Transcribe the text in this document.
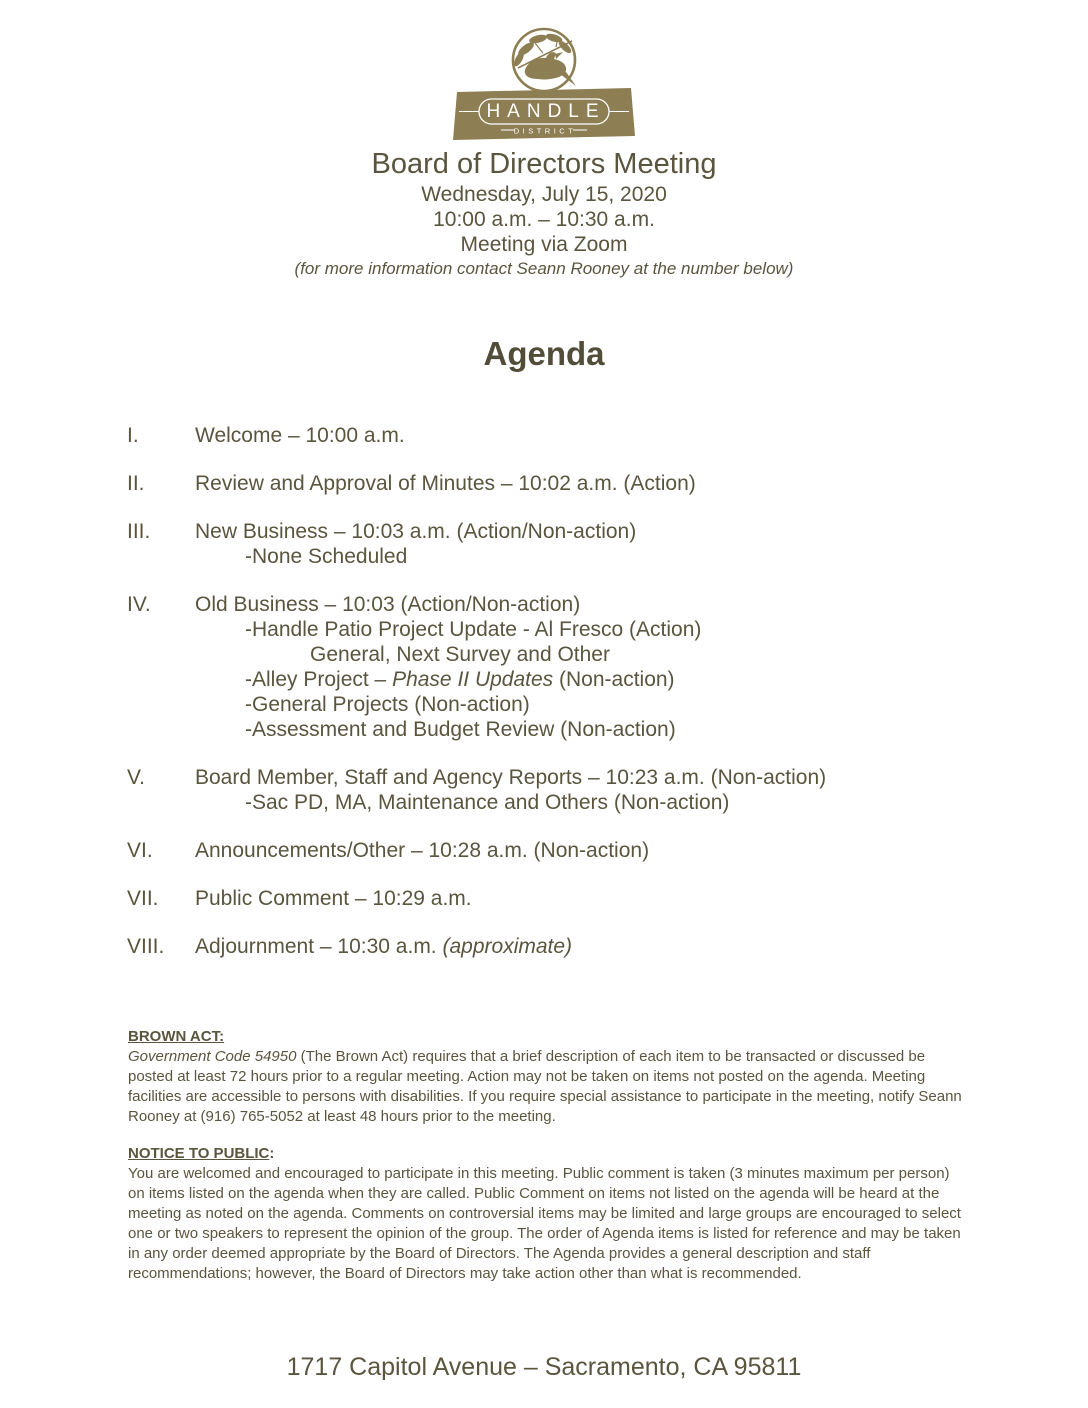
HANDLE
DISTRICT
Board of Directors Meeting
Wednesday, July 15, 2020
10:00 a.m. – 10:30 a.m.
Meeting via Zoom
(for more information contact Seann Rooney at the number below)
Agenda
I.	Welcome – 10:00 a.m.
II.	Review and Approval of Minutes – 10:02 a.m. (Action)
III.	New Business – 10:03 a.m. (Action/Non-action)
-None Scheduled
IV.	Old Business – 10:03 (Action/Non-action)
-Handle Patio Project Update - Al Fresco (Action)
General, Next Survey and Other
-Alley Project – Phase II Updates (Non-action)
-General Projects (Non-action)
-Assessment and Budget Review (Non-action)
V.	Board Member, Staff and Agency Reports – 10:23 a.m. (Non-action)
-Sac PD, MA, Maintenance and Others (Non-action)
VI.	Announcements/Other – 10:28 a.m. (Non-action)
VII.	Public Comment – 10:29 a.m.
VIII.	Adjournment – 10:30 a.m. (approximate)
BROWN ACT:

Government Code 54950 (The Brown Act) requires that a brief description of each item to be transacted or discussed be posted at least 72 hours prior to a regular meeting. Action may not be taken on items not posted on the agenda. Meeting facilities are accessible to persons with disabilities. If you require special assistance to participate in the meeting, notify Seann Rooney at (916) 765-5052 at least 48 hours prior to the meeting.

NOTICE TO PUBLIC:

You are welcomed and encouraged to participate in this meeting. Public comment is taken (3 minutes maximum per person) on items listed on the agenda when they are called. Public Comment on items not listed on the agenda will be heard at the meeting as noted on the agenda. Comments on controversial items may be limited and large groups are encouraged to select one or two speakers to represent the opinion of the group. The order of Agenda items is listed for reference and may be taken in any order deemed appropriate by the Board of Directors. The Agenda provides a general description and staff recommendations; however, the Board of Directors may take action other than what is recommended.

1717 Capitol Avenue – Sacramento, CA 95811
